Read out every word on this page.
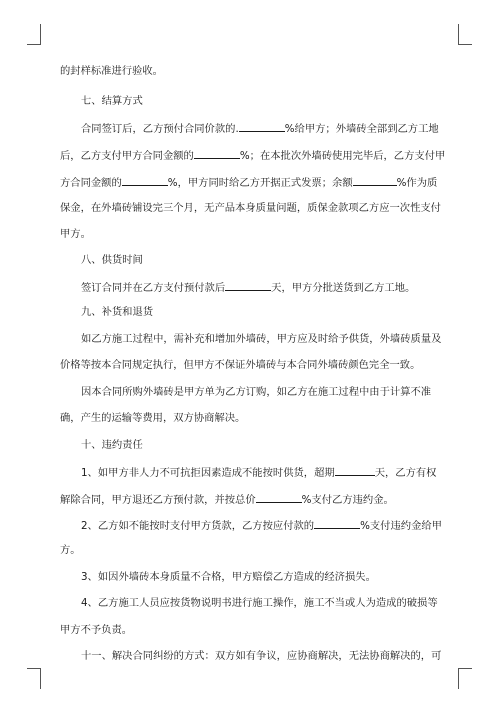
的封样标准进行验收。
七、结算方式
合同签订后，乙方预付合同价款的.	%给甲方；外墙砖全部到乙方工地
后，乙方支付甲方合同金额的	%；在本批次外墙砖使用完毕后，乙方支付甲
方合同金额的	%，甲方同时给乙方开据正式发票；余额	%作为质
保金，在外墙砖铺设完三个月，无产品本身质量问题，质保金款项乙方应一次性支付
甲方。
八、供货时间
签订合同并在乙方支付预付款后	天，甲方分批送货到乙方工地。
九、补货和退货
如乙方施工过程中，需补充和增加外墙砖，甲方应及时给予供货，外墙砖质量及
价格等按本合同规定执行，但甲方不保证外墙砖与本合同外墙砖颜色完全一致。
因本合同所购外墙砖是甲方单为乙方订购，如乙方在施工过程中由于计算不准
确，产生的运输等费用，双方协商解决。
十、违约责任
1、如甲方非人力不可抗拒因素造成不能按时供货，超期	天，乙方有权
解除合同，甲方退还乙方预付款，并按总价	%支付乙方违约金。
2、乙方如不能按时支付甲方货款，乙方按应付款的	%支付违约金给甲
方。
3、如因外墙砖本身质量不合格，甲方赔偿乙方造成的经济损失。
4、乙方施工人员应按货物说明书进行施工操作，施工不当或人为造成的破损等
甲方不予负责。
十一、解决合同纠纷的方式：双方如有争议，应协商解决，无法协商解决的，可
